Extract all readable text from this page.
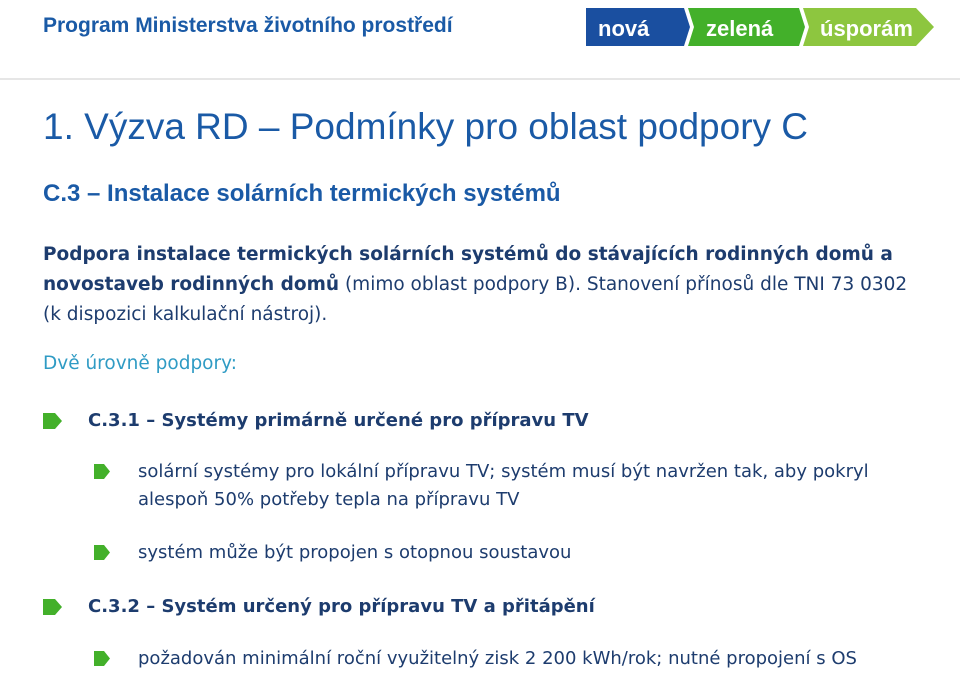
Program Ministerstva životního prostředí	nová	zelená úsporám
1. Výzva RD – Podmínky pro oblast podpory C
C.3 – Instalace solárních termických systémů
Podpora instalace termických solárních systémů do stávajících rodinných domů a
novostaveb rodinných domů (mimo oblast podpory B). Stanovení přínosů dle TNI 73 0302
(k dispozici kalkulační nástroj).
Dvě úrovně podpory:
C.3.1 – Systémy primárně určené pro přípravu TV
solární systémy pro lokální přípravu TV; systém musí být navržen tak, aby pokryl
alespoň 50% potřeby tepla na přípravu TV
systém může být propojen s otopnou soustavou
C.3.2 – Systém určený pro přípravu TV a přitápění
požadován minimální roční využitelný zisk 2 200 kWh/rok; nutné propojení s OS
